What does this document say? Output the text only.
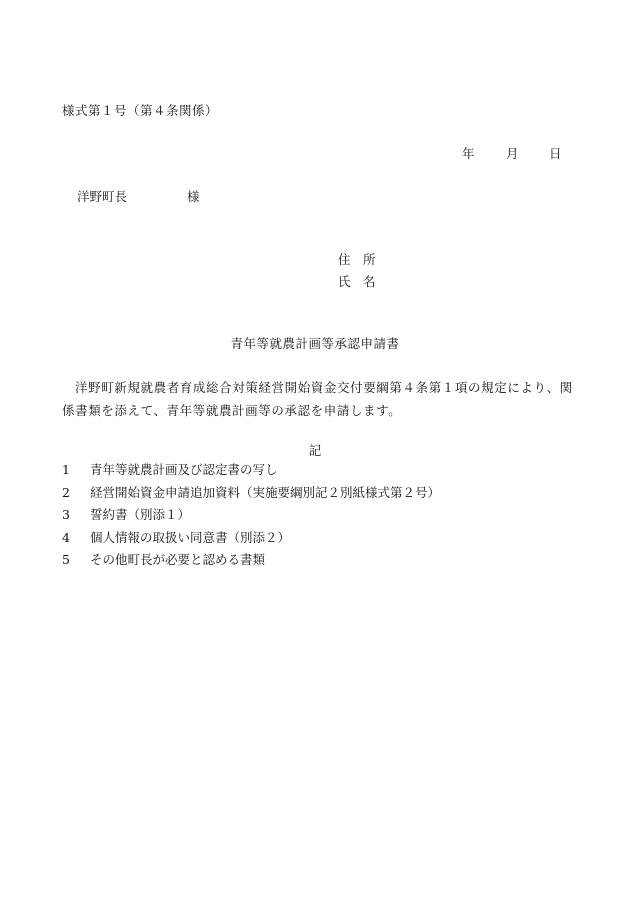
様式第１号（第４条関係）
年	月 日
洋野町長	様
住　所
氏　名
青年等就農計画等承認申請書
洋野町新規就農者育成総合対策経営開始資金交付要綱第４条第１項の規定により、関係書類を添えて、青年等就農計画等の承認を申請します。
記
1 青年等就農計画及び認定書の写し
2 経営開始資金申請追加資料（実施要綱別記２別紙様式第２号）
3 誓約書（別添１）
4 個人情報の取扱い同意書（別添２）
5 その他町長が必要と認める書類
